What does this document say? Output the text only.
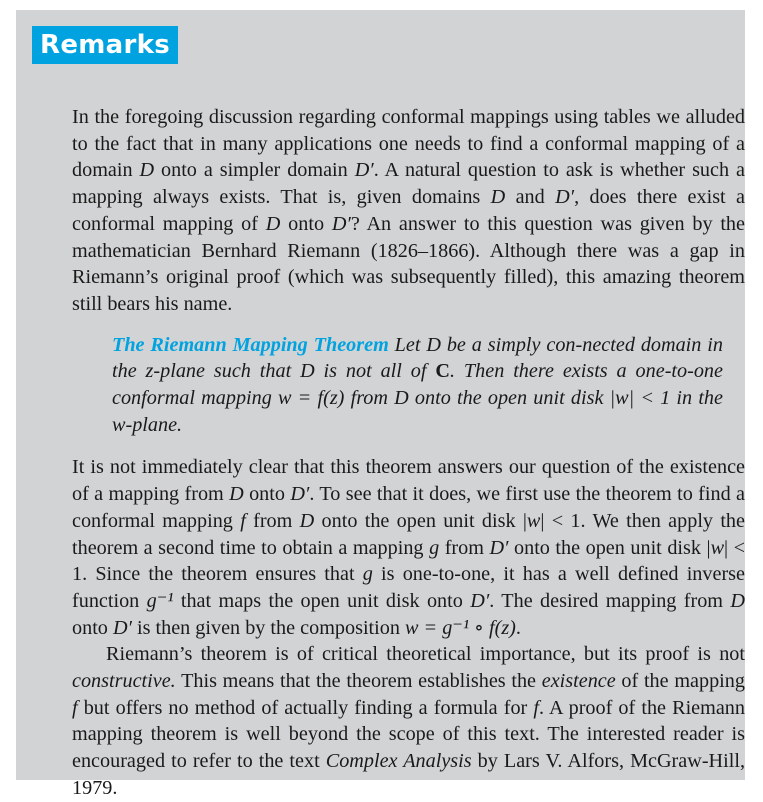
Remarks

In the foregoing discussion regarding conformal mappings using tables we alluded to the fact that in many applications one needs to find a conformal mapping of a domain D onto a simpler domain D′. A natural question to ask is whether such a mapping always exists. That is, given domains D and D′, does there exist a conformal mapping of D onto D′? An answer to this question was given by the mathematician Bernhard Riemann (1826–1866). Although there was a gap in Riemann’s original proof (which was subsequently filled), this amazing theorem still bears his name.

The Riemann Mapping Theorem Let D be a simply con-nected domain in the z-plane such that D is not all of C. Then there exists a one-to-one conformal mapping w = f(z) from D onto the open unit disk |w| < 1 in the w-plane.

It is not immediately clear that this theorem answers our question of the existence of a mapping from D onto D′. To see that it does, we first use the theorem to find a conformal mapping f from D onto the open unit disk |w| < 1. We then apply the theorem a second time to obtain a mapping g from D′ onto the open unit disk |w| < 1. Since the theorem ensures that g is one-to-one, it has a well defined inverse function g⁻¹ that maps the open unit disk onto D′. The desired mapping from D onto D′ is then given by the composition w = g⁻¹ ∘ f(z).

Riemann’s theorem is of critical theoretical importance, but its proof is not constructive. This means that the theorem establishes the existence of the mapping f but offers no method of actually finding a formula for f. A proof of the Riemann mapping theorem is well beyond the scope of this text. The interested reader is encouraged to refer to the text Complex Analysis by Lars V. Alfors, McGraw-Hill, 1979.
